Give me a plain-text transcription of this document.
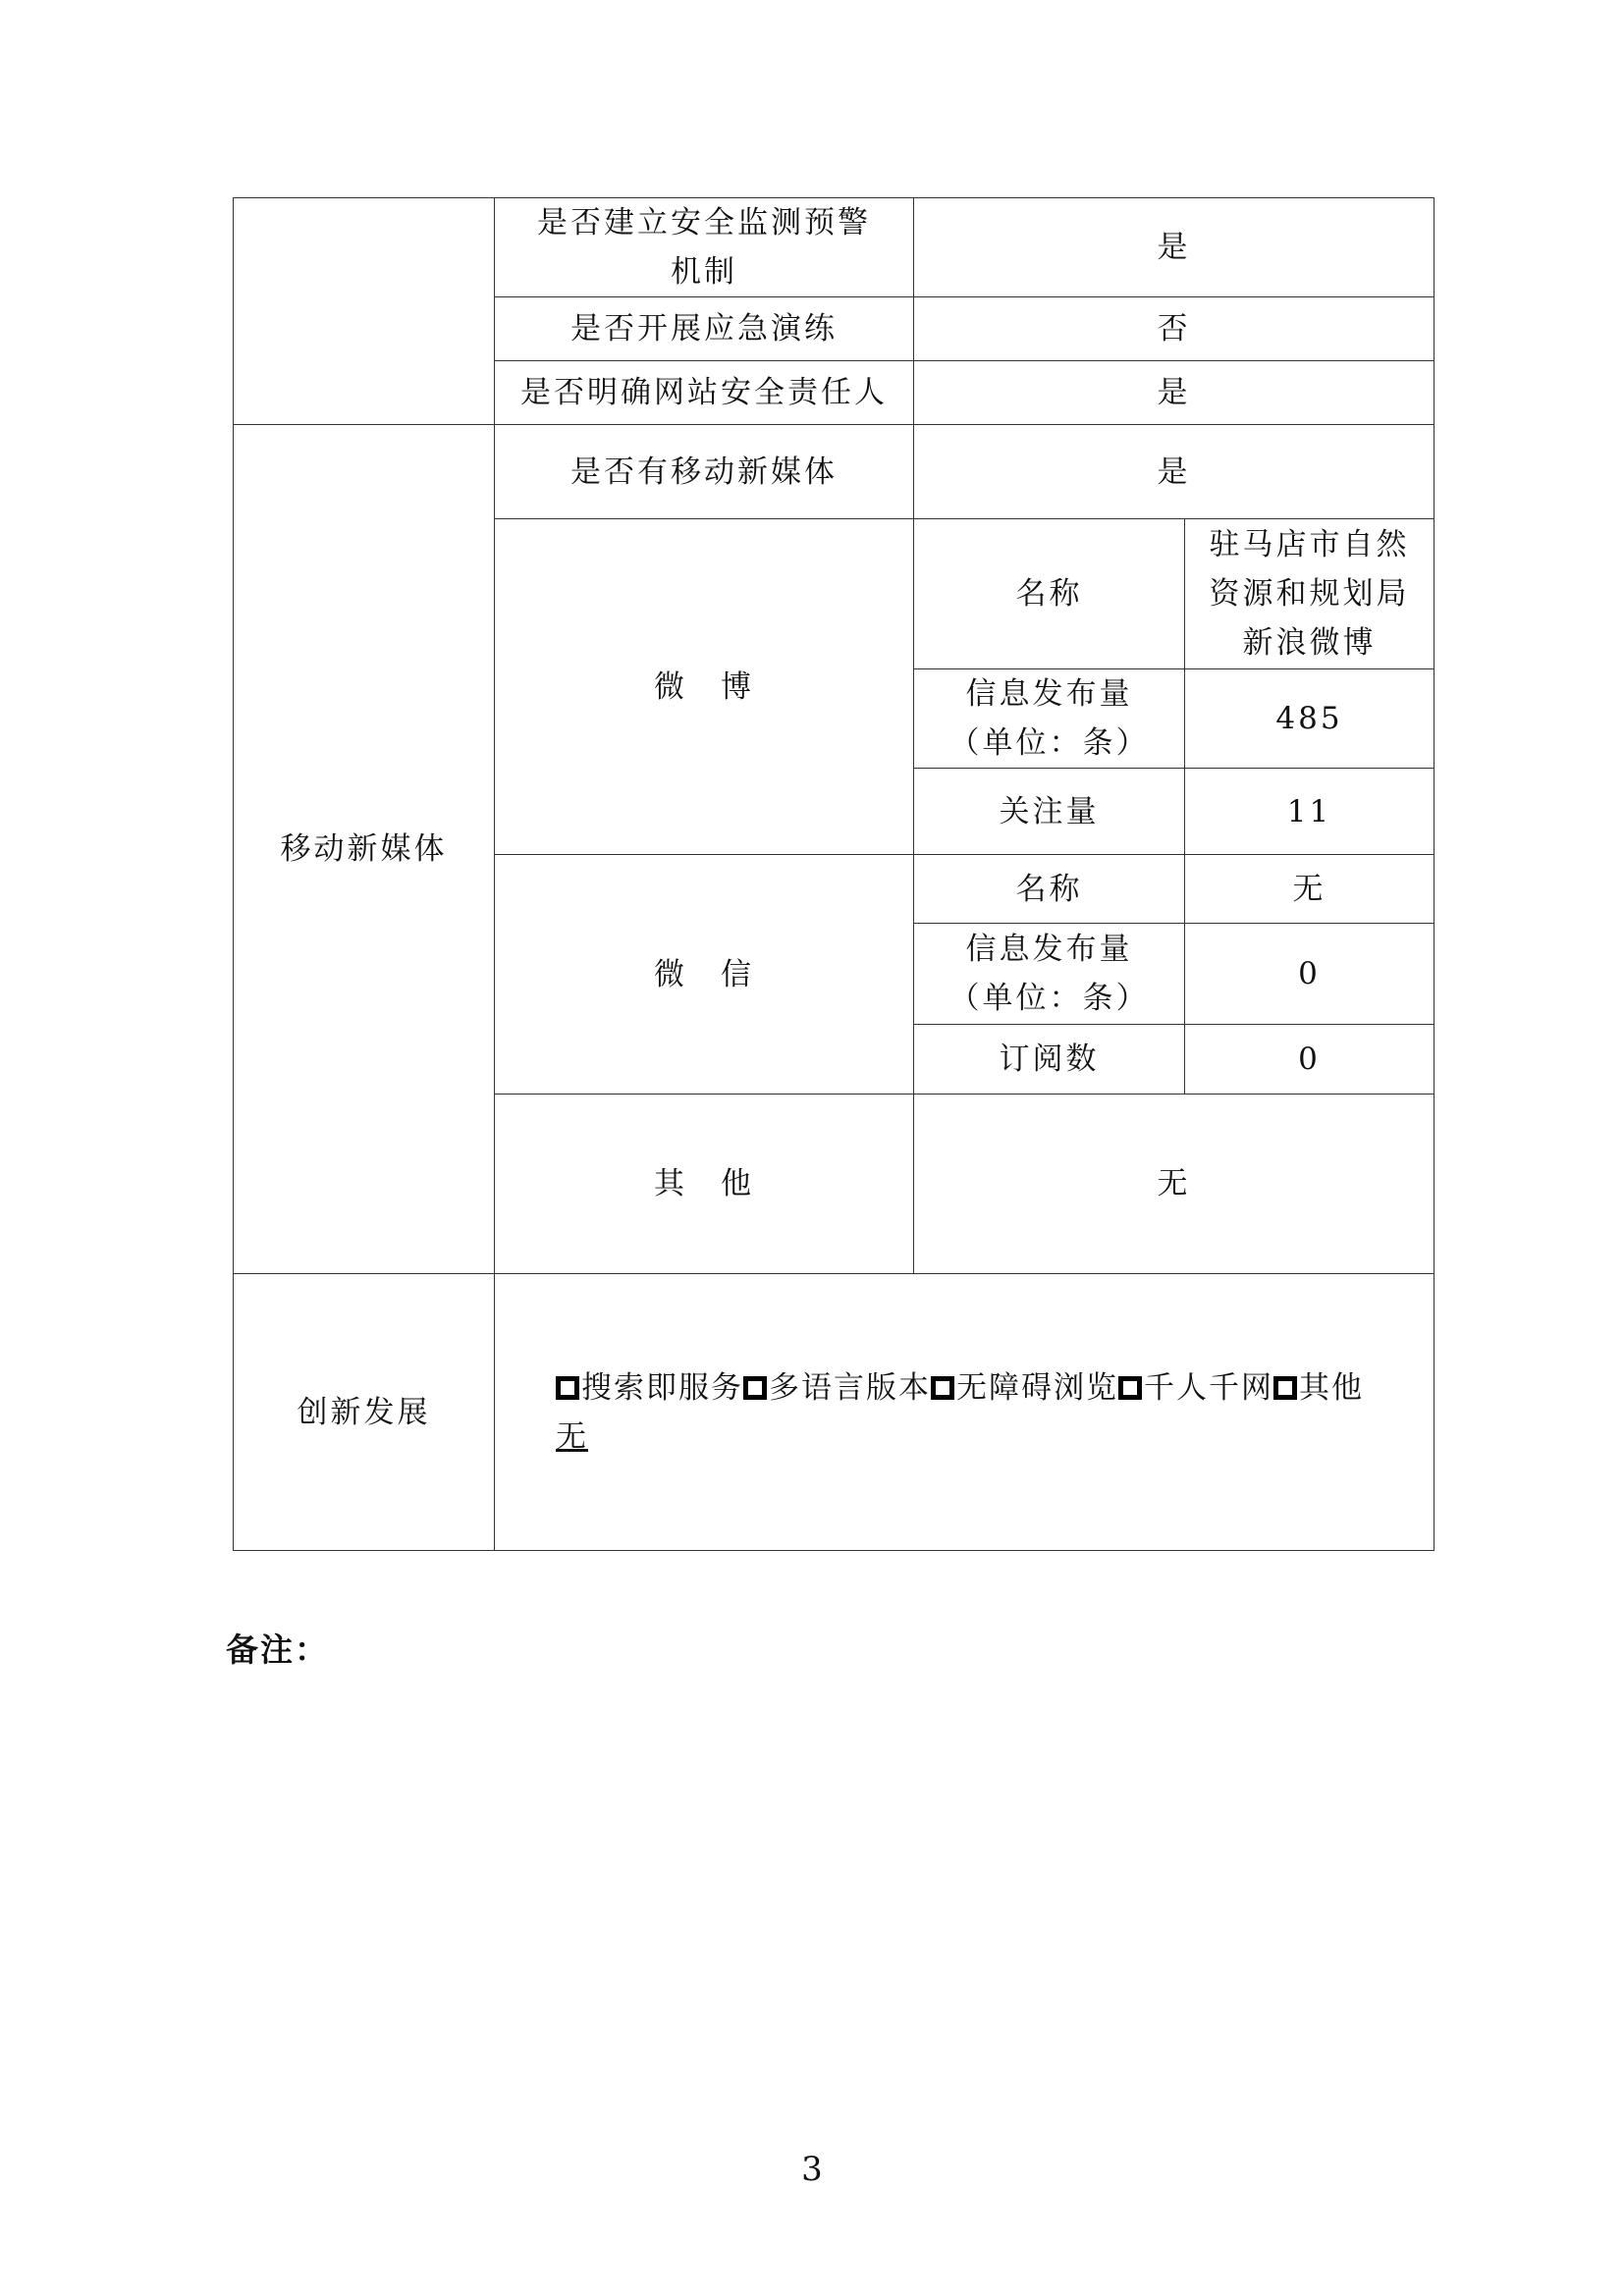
	是否建立安全监测预警
机制	是	
	是否开展应急演练	否	
	是否明确网站安全责任人	是	
移动新媒体	是否有移动新媒体	是	
	微　博	名称	驻马店市自然
资源和规划局
新浪微博

		信息发布量
（单位：条）	485
		关注量	11
	微　信	名称	无

		信息发布量
（单位：条）	0
		订阅数	0
	其　他	无	
创新发展	搜索即服务 多语言版本 无障碍浏览 千人千网 其他
无		
备注：
3
